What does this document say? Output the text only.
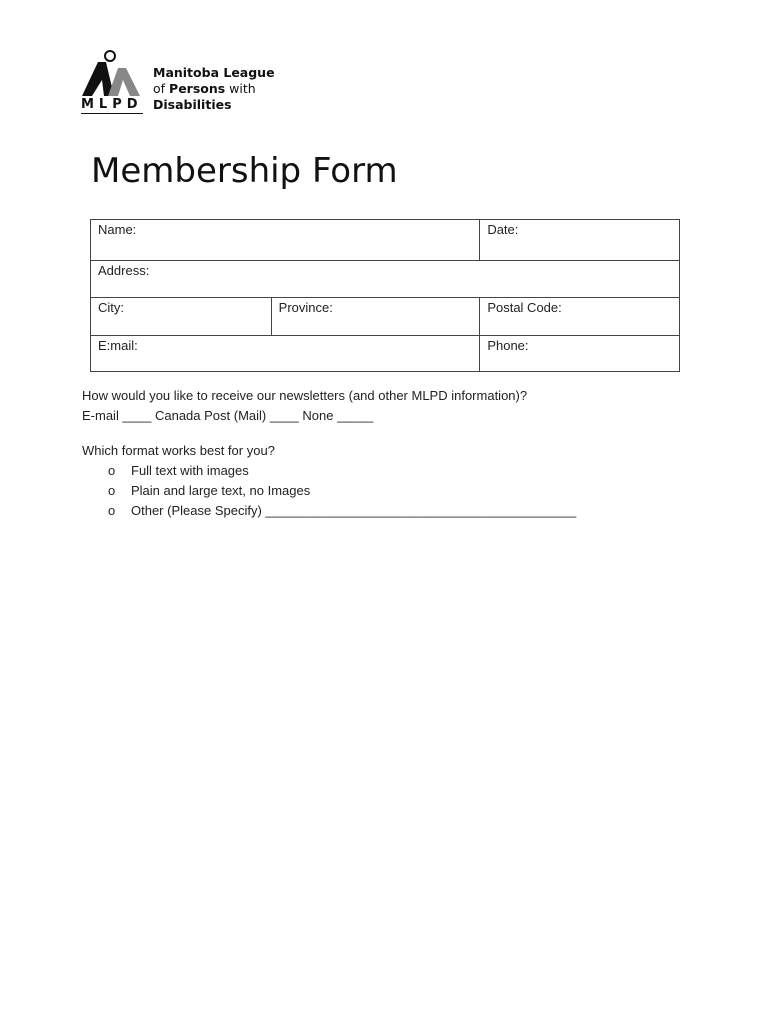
MLPD
Manitoba League
of Persons with
Disabilities
Membership Form
Name:		Date:
Address:		
City:	Province:	Postal Code:
E:mail:		Phone:
How would you like to receive our newsletters (and other MLPD information)?
E-mail ____ Canada Post (Mail) ____ None _____
Which format works best for you?
o Full text with images
o Plain and large text, no Images
o Other (Please Specify) ___________________________________________
